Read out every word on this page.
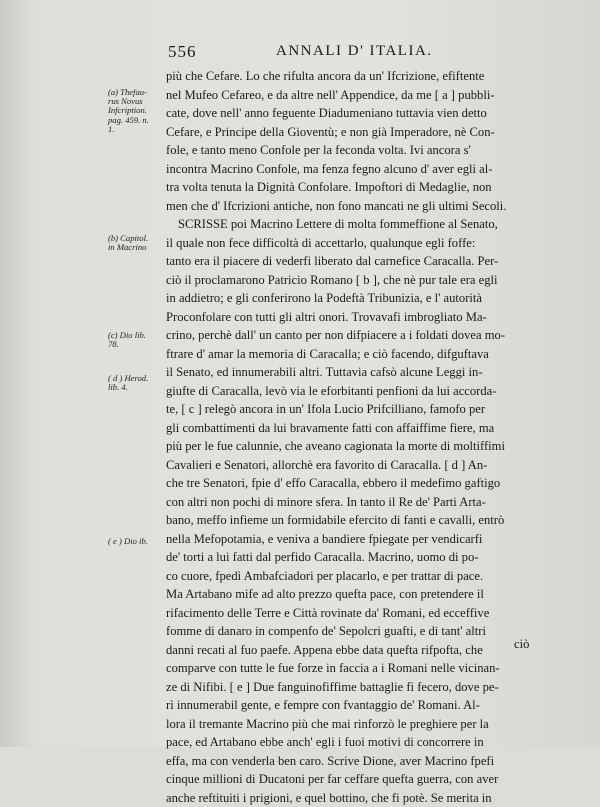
556	ANNALI D' ITALIA.
(a) Thefau-
rus Novus
Infcription.
pag. 459. n.
1.
(b) Capitol.
in Macrino
(c) Dio lib.
78.
( d ) Herod.
lib. 4.
( e ) Dio ib.
più che Cefare. Lo che rifulta ancora da un' Ifcrizione, efiftente
nel Mufeo Cefareo, e da altre nell' Appendice, da me [ a ] pubbli-
cate, dove nell' anno feguente Diadumeniano tuttavia vien detto
Cefare, e Principe della Gioventù; e non già Imperadore, nè Con-
fole, e tanto meno Confole per la feconda volta. Ivi ancora s'
incontra Macrino Confole, ma fenza fegno alcuno d' aver egli al-
tra volta tenuta la Dignità Confolare. Impoftori di Medaglie, non
men che d' Ifcrizioni antiche, non fono mancati ne gli ultimi Secoli.
SCRISSE poi Macrino Lettere di molta fommeffione al Senato,
il quale non fece difficoltà di accettarlo, qualunque egli foffe:
tanto era il piacere di vederfi liberato dal carnefice Caracalla. Per-
ciò il proclamarono Patricio Romano [ b ], che nè pur tale era egli
in addietro; e gli conferirono la Podeftà Tribunizia, e l' autorità
Proconfolare con tutti gli altri onori. Trovavafi imbrogliato Ma-
crino, perchè dall' un canto per non difpiacere a i foldati dovea mo-
ftrare d' amar la memoria di Caracalla; e ciò facendo, difguftava
il Senato, ed innumerabili altri. Tuttavia cafsò alcune Leggi in-
giufte di Caracalla, levò via le eforbitanti penfioni da lui accorda-
te, [ c ] relegò ancora in un' Ifola Lucio Prifcilliano, famofo per
gli combattimenti da lui bravamente fatti con affaiffime fiere, ma
più per le fue calunnie, che aveano cagionata la morte di moltiffimi
Cavalieri e Senatori, allorchè era favorito di Caracalla. [ d ] An-
che tre Senatori, fpie d' effo Caracalla, ebbero il medefimo gaftigo
con altri non pochi di minore sfera. In tanto il Re de' Parti Arta-
bano, meffo infieme un formidabile efercito di fanti e cavalli, entrò
nella Mefopotamia, e veniva a bandiere fpiegate per vendicarfi
de' torti a lui fatti dal perfido Caracalla. Macrino, uomo di po-
co cuore, fpedì Ambafciadori per placarlo, e per trattar di pace.
Ma Artabano mife ad alto prezzo quefta pace, con pretendere il
rifacimento delle Terre e Città rovinate da' Romani, ed ecceffive
fomme di danaro in compenfo de' Sepolcri guafti, e di tant' altri
danni recati al fuo paefe. Appena ebbe data quefta rifpofta, che
comparve con tutte le fue forze in faccia a i Romani nelle vicinan-
ze di Nifibi. [ e ] Due fanguinofiffime battaglie fi fecero, dove pe-
rì innumerabil gente, e fempre con fvantaggio de' Romani. Al-
lora il tremante Macrino più che mai rinforzò le preghiere per la
pace, ed Artabano ebbe anch' egli i fuoi motivi di concorrere in
effa, ma con venderla ben caro. Scrive Dione, aver Macrino fpefi
cinque millioni di Ducatoni per far ceffare quefta guerra, con aver
anche reftituiti i prigioni, e quel bottino, che fi potè. Se merita in
ciò
